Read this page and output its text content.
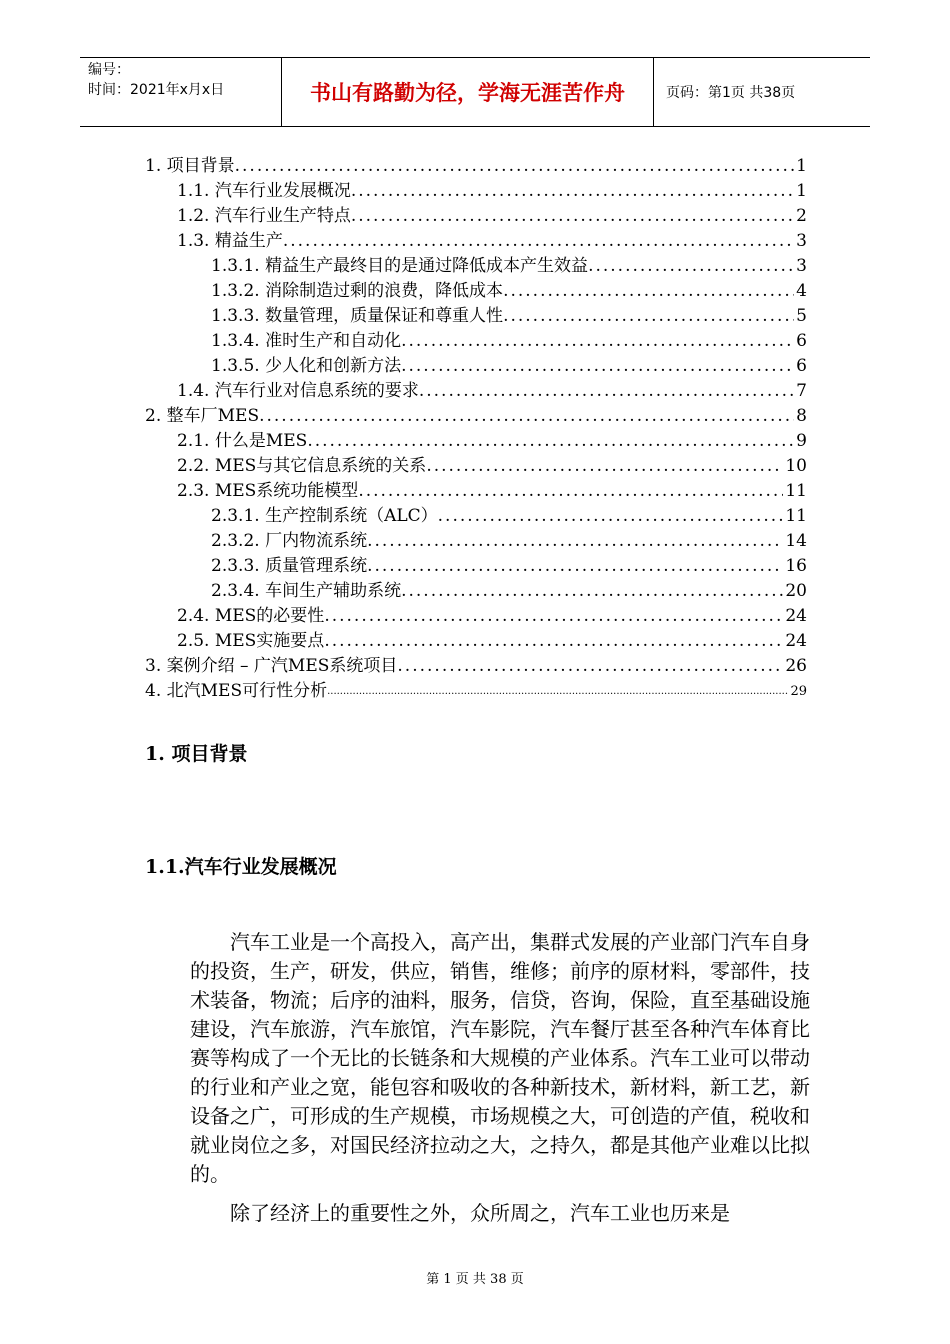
编号：
时间：2021年x月x日	书山有路勤为径，学海无涯苦作舟	页码：第1页 共38页
1. 项目背景 .....	1
1.1. 汽车行业发展概况 .....	1
1.2. 汽车行业生产特点 .....	2
1.3. 精益生产 .....	3
1.3.1. 精益生产最终目的是通过降低成本产生效益 .....	3
1.3.2. 消除制造过剩的浪费，降低成本 .....	4
1.3.3. 数量管理，质量保证和尊重人性 .....	5
1.3.4. 准时生产和自动化 .....	6
1.3.5. 少人化和创新方法 .....	6
1.4. 汽车行业对信息系统的要求 .....	7
2. 整车厂MES .....	8
2.1. 什么是MES .....	9
2.2. MES与其它信息系统的关系 .....	10
2.3. MES系统功能模型 .....	11
2.3.1. 生产控制系统（ALC） .....	11
2.3.2. 厂内物流系统 .....	14
2.3.3. 质量管理系统 .....	16
2.3.4. 车间生产辅助系统 .....	20
2.4. MES的必要性 .....	24
2.5. MES实施要点 .....	24
3. 案例介绍 – 广汽MES系统项目 .....	26
4. 北汽MES可行性分析 .....	29
1. 项目背景
1.1.汽车行业发展概况

汽车工业是一个高投入，高产出，集群式发展的产业部门汽车自身的投资，生产，研发，供应，销售，维修；前序的原材料，零部件，技术装备，物流；后序的油料，服务，信贷，咨询，保险，直至基础设施建设，汽车旅游，汽车旅馆，汽车影院，汽车餐厅甚至各种汽车体育比赛等构成了一个无比的长链条和大规模的产业体系。汽车工业可以带动的行业和产业之宽，能包容和吸收的各种新技术，新材料，新工艺，新设备之广，可形成的生产规模，市场规模之大，可创造的产值，税收和就业岗位之多，对国民经济拉动之大，之持久，都是其他产业难以比拟的。

除了经济上的重要性之外，众所周之，汽车工业也历来是

第 1 页 共 38 页
